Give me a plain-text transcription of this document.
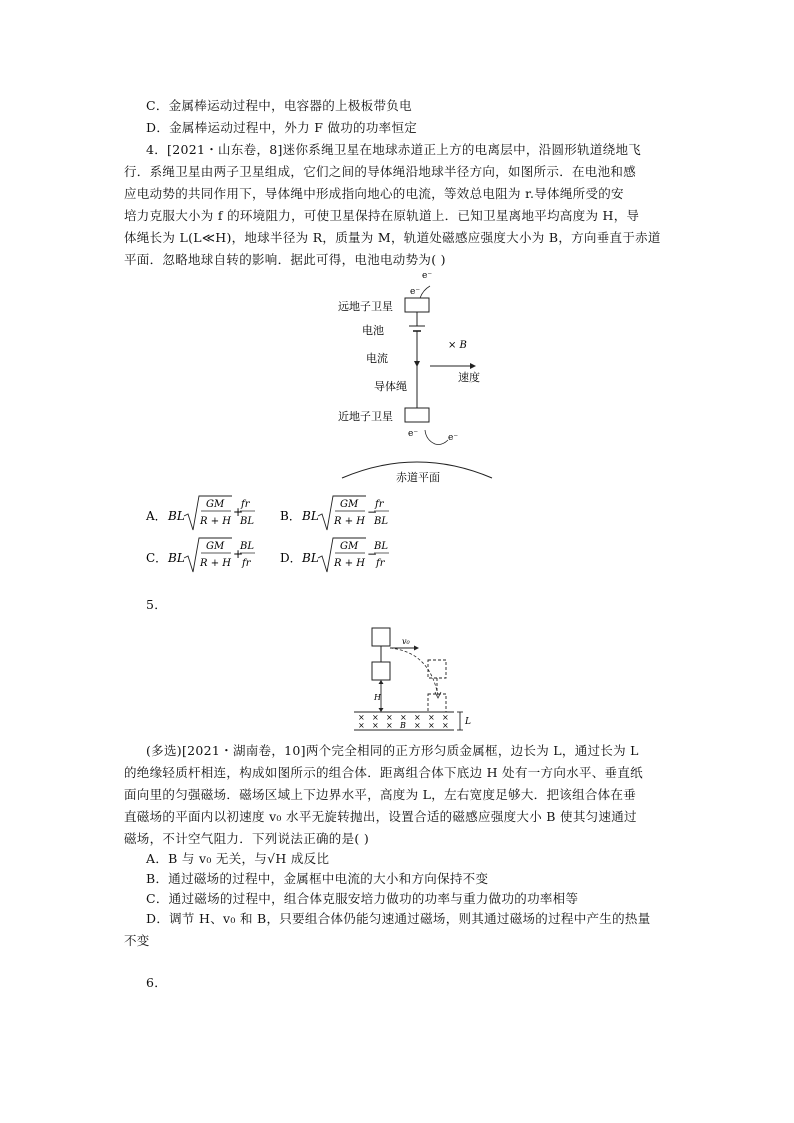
C．金属棒运动过程中，电容器的上极板带负电
D．金属棒运动过程中，外力 F 做功的功率恒定
4．[2021・山东卷，8]迷你系绳卫星在地球赤道正上方的电离层中，沿圆形轨道绕地飞
行．系绳卫星由两子卫星组成，它们之间的导体绳沿地球半径方向，如图所示．在电池和感
应电动势的共同作用下，导体绳中形成指向地心的电流，等效总电阻为 r.导体绳所受的安
培力克服大小为 f 的环境阻力，可使卫星保持在原轨道上．已知卫星离地平均高度为 H，导
体绳长为 L(L≪H)，地球半径为 R，质量为 M，轨道处磁感应强度大小为 B，方向垂直于赤道
平面．忽略地球自转的影响．据此可得，电池电动势为( )
e⁻
e⁻
远地子卫星
电池
电流
× B
速度
导体绳
近地子卫星
e⁻	e⁻
赤道平面
A． BL
GM
R + H
+
fr
BL B． BL
GM
R + H
−
fr
BL
C． BL
GM
R + H
+
BL
fr D． BL
GM
R + H
−
BL
fr
5．
v₀
H
× × × × × × ×
× × ×	× × ×
B	L
(多选)[2021・湖南卷，10]两个完全相同的正方形匀质金属框，边长为 L，通过长为 L
的绝缘轻质杆相连，构成如图所示的组合体．距离组合体下底边 H 处有一方向水平、垂直纸
面向里的匀强磁场．磁场区域上下边界水平，高度为 L，左右宽度足够大．把该组合体在垂
直磁场的平面内以初速度 v₀ 水平无旋转抛出，设置合适的磁感应强度大小 B 使其匀速通过
磁场，不计空气阻力．下列说法正确的是( )
A．B 与 v₀ 无关，与√H 成反比
B．通过磁场的过程中，金属框中电流的大小和方向保持不变
C．通过磁场的过程中，组合体克服安培力做功的功率与重力做功的功率相等
D．调节 H、v₀ 和 B，只要组合体仍能匀速通过磁场，则其通过磁场的过程中产生的热量
不变
6．
